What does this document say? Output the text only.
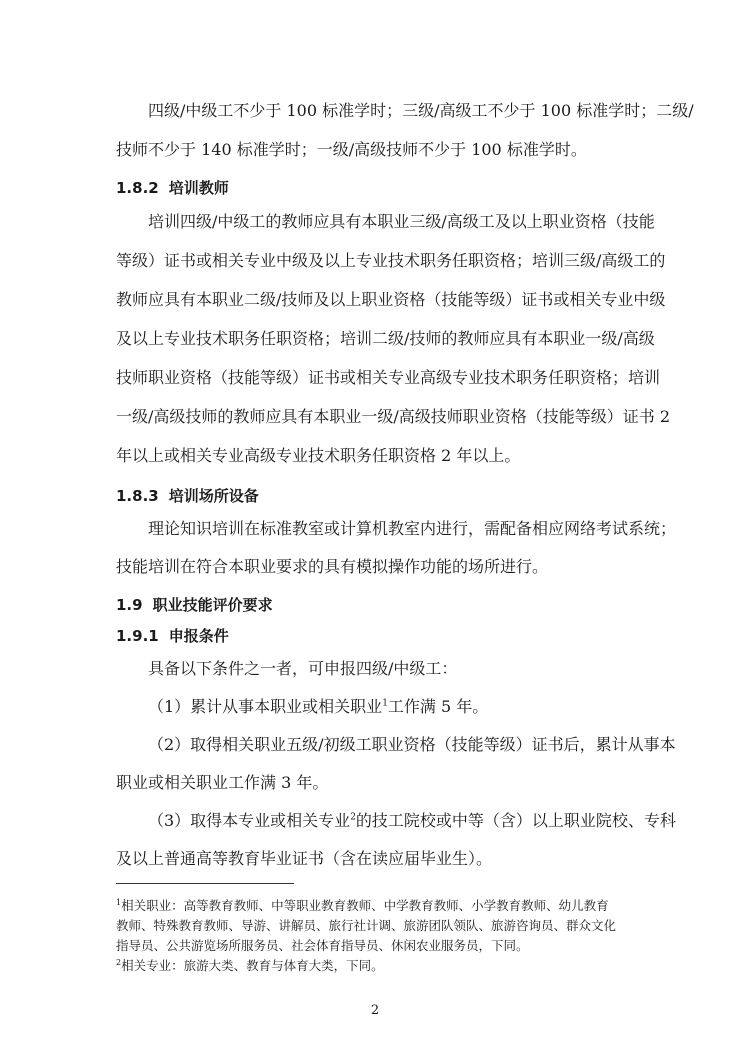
四级/中级工不少于 100 标准学时；三级/高级工不少于 100 标准学时；二级/
技师不少于 140 标准学时；一级/高级技师不少于 100 标准学时。
1.8.2 培训教师
培训四级/中级工的教师应具有本职业三级/高级工及以上职业资格（技能
等级）证书或相关专业中级及以上专业技术职务任职资格；培训三级/高级工的
教师应具有本职业二级/技师及以上职业资格（技能等级）证书或相关专业中级
及以上专业技术职务任职资格；培训二级/技师的教师应具有本职业一级/高级
技师职业资格（技能等级）证书或相关专业高级专业技术职务任职资格；培训
一级/高级技师的教师应具有本职业一级/高级技师职业资格（技能等级）证书 2
年以上或相关专业高级专业技术职务任职资格 2 年以上。
1.8.3 培训场所设备
理论知识培训在标准教室或计算机教室内进行，需配备相应网络考试系统；
技能培训在符合本职业要求的具有模拟操作功能的场所进行。
1.9 职业技能评价要求
1.9.1 申报条件
具备以下条件之一者，可申报四级/中级工：
（1）累计从事本职业或相关职业$^1$工作满 5 年。
（2）取得相关职业五级/初级工职业资格（技能等级）证书后，累计从事本
职业或相关职业工作满 3 年。
（3）取得本专业或相关专业$^2$的技工院校或中等（含）以上职业院校、专科
及以上普通高等教育毕业证书（含在读应届毕业生）。
$^1$相关职业：高等教育教师、中等职业教育教师、中学教育教师、小学教育教师、幼儿教育
教师、特殊教育教师、导游、讲解员、旅行社计调、旅游团队领队、旅游咨询员、群众文化
指导员、公共游览场所服务员、社会体育指导员、休闲农业服务员，下同。
$^2$相关专业：旅游大类、教育与体育大类，下同。
2
